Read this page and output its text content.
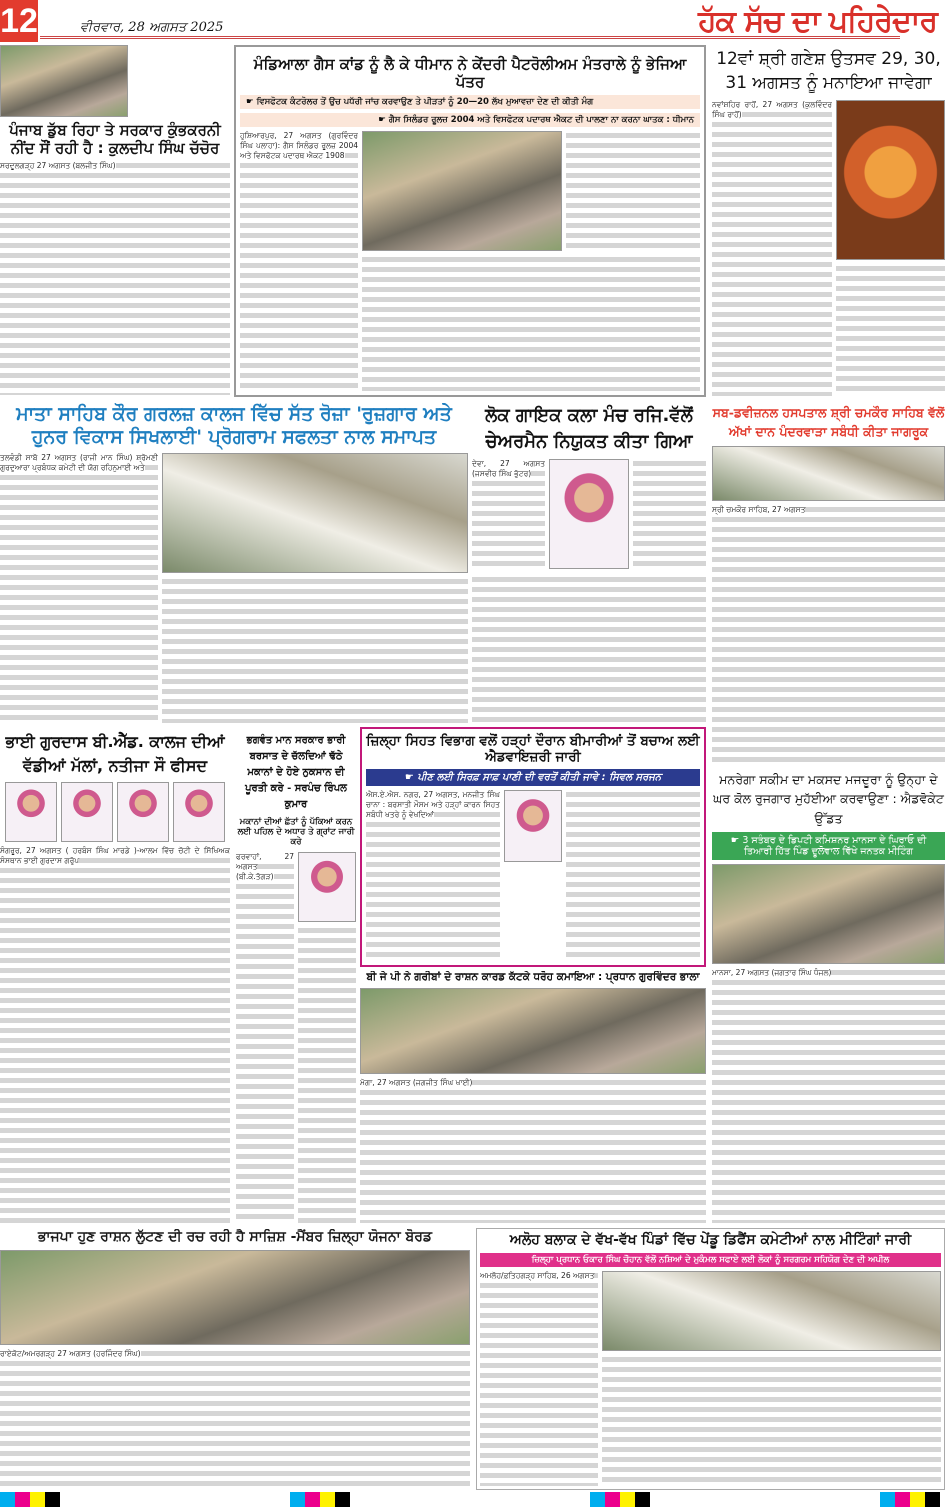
12	ਵੀਰਵਾਰ, 28 ਅਗਸਤ 2025	ਹੱਕ ਸੱਚ ਦਾ ਪਹਿਰੇਦਾਰ
ਪੰਜਾਬ ਡੁੱਬ ਰਿਹਾ ਤੇ ਸਰਕਾਰ ਕੁੰਭਕਰਨੀ ਨੀਂਦ ਸੌਂ ਰਹੀ ਹੈ : ਕੁਲਦੀਪ ਸਿੰਘ ਚੱਚੋਰ
ਸਰਦੂਲਗੜ੍ਹ 27 ਅਗਸਤ (ਬਲਜੀਤ ਸਿੰਘ)
ਮੰਡਿਆਲਾ ਗੈਸ ਕਾਂਡ ਨੂੰ ਲੈ ਕੇ ਧੀਮਾਨ ਨੇ ਕੇਂਦਰੀ ਪੈਟਰੋਲੀਅਮ ਮੰਤਰਾਲੇ ਨੂੰ ਭੇਜਿਆ ਪੱਤਰ
☛ ਵਿਸਫੋਟਕ ਕੰਟਰੋਲਰ ਤੋਂ ਉਚ ਪਧੱਰੀ ਜਾਂਚ ਕਰਵਾਉਣ ਤੇ ਪੀੜਤਾਂ ਨੂੰ 20—20 ਲੱਖ ਮੁਆਵਜ਼ਾ ਦੇਣ ਦੀ ਕੀਤੀ ਮੰਗ
☛ ਗੈਸ ਸਿਲੰਡਰ ਰੂਲਜ਼ 2004 ਅਤੇ ਵਿਸਫੋਟਕ ਪਦਾਰਥ ਐਕਟ ਦੀ ਪਾਲਣਾ ਨਾ ਕਰਨਾ ਘਾਤਕ : ਧੀਮਾਨ
ਹੁਸ਼ਿਆਰਪੁਰ, 27 ਅਗਸਤ (ਗੁਰਵਿੰਦਰ ਸਿੰਘ ਪਲਾਹਾ): ਗੈਸ ਸਿਲੰਡਰ ਰੂਲਜ਼ 2004 ਅਤੇ ਵਿਸਫੋਟਕ ਪਦਾਰਥ ਐਕਟ 1908
12ਵਾਂ ਸ਼੍ਰੀ ਗਣੇਸ਼ ਉਤਸਵ 29, 30, 31 ਅਗਸਤ ਨੂੰ ਮਨਾਇਆ ਜਾਵੇਗਾ
ਨਵਾਂਸ਼ਹਿਰ ਰਾਹੋਂ, 27 ਅਗਸਤ (ਕੁਲਵਿੰਦਰ ਸਿੰਘ ਰਾਹੋਂ)
ਮਾਤਾ ਸਾਹਿਬ ਕੌਰ ਗਰਲਜ਼ ਕਾਲਜ ਵਿੱਚ ਸੱਤ ਰੋਜ਼ਾ 'ਰੁਜ਼ਗਾਰ ਅਤੇ ਹੁਨਰ ਵਿਕਾਸ ਸਿਖਲਾਈ' ਪ੍ਰੋਗਰਾਮ ਸਫਲਤਾ ਨਾਲ ਸਮਾਪਤ
ਤਲਵੰਡੀ ਸਾਬੋ 27 ਅਗਸਤ (ਰਾਜੀ ਮਾਨ ਸਿੰਘ) ਸ਼੍ਰੋਮਣੀ ਗੁਰਦੁਆਰਾ ਪ੍ਰਬੰਧਕ ਕਮੇਟੀ ਦੀ ਯੋਗ ਰਹਿਨੁਮਾਈ ਅਤੇ
ਲੋਕ ਗਾਇਕ ਕਲਾ ਮੰਚ ਰਜਿ.ਵੱਲੋਂ ਚੇਅਰਮੈਨ ਨਿਯੁਕਤ ਕੀਤਾ ਗਿਆ
ਦੇਵਾ, 27 ਅਗਸਤ (ਜਸਵੀਰ ਸਿੰਘ ਭੁੱਟਰ)
ਸਬ-ਡਵੀਜ਼ਨਲ ਹਸਪਤਾਲ ਸ਼੍ਰੀ ਚਮਕੌਰ ਸਾਹਿਬ ਵੱਲੋਂ ਅੱਖਾਂ ਦਾਨ ਪੰਦਰਵਾੜਾ ਸਬੰਧੀ ਕੀਤਾ ਜਾਗਰੂਕ
ਸ੍ਰੀ ਚਮਕੌਰ ਸਾਹਿਬ, 27 ਅਗਸਤ
ਭਾਈ ਗੁਰਦਾਸ ਬੀ.ਐੱਡ. ਕਾਲਜ ਦੀਆਂ ਵੱਡੀਆਂ ਮੱਲਾਂ, ਨਤੀਜਾ ਸੌ ਫੀਸਦ
ਸੰਗਰੂਰ, 27 ਅਗਸਤ ( ਹਰਬੰਸ ਸਿੰਘ ਮਾਰਡੇ )-ਆਲਮ ਵਿੱਚ ਚੋਟੀ ਦੇ ਸਿੱਖਿਅਕ ਸੰਸਥਾਨ ਭਾਈ ਗੁਰਦਾਸ ਗਰੁੱਪ
ਭਗਵੰਤ ਮਾਨ ਸਰਕਾਰ ਭਾਰੀ ਬਰਸਾਤ ਦੇ ਚੱਲਦਿਆਂ ਢੱਠੇ ਮਕਾਨਾਂ ਦੇ ਹੋਏ ਨੁਕਸਾਨ ਦੀ ਪੂਰਤੀ ਕਰੇ - ਸਰਪੰਚ ਰਿੰਪਲ ਕੁਮਾਰ
ਮਕਾਨਾਂ ਦੀਆਂ ਛੱਤਾਂ ਨੂੰ ਪੱਕਿਆਂ ਕਰਨ ਲਈ ਪਹਿਲ ਦੇ ਅਧਾਰ ਤੇ ਗ੍ਰਾਂਟ ਜਾਰੀ ਕਰੇ
ਫਰਵਾਹਾਂ, 27 ਅਗਸਤ (ਬੀ.ਕੇ.ਤੱਗੜ)
ਜ਼ਿਲ੍ਹਾ ਸਿਹਤ ਵਿਭਾਗ ਵਲੋਂ ਹੜ੍ਹਾਂ ਦੌਰਾਨ ਬੀਮਾਰੀਆਂ ਤੋਂ ਬਚਾਅ ਲਈ ਐਡਵਾਇਜ਼ਰੀ ਜਾਰੀ
☛ ਪੀਣ ਲਈ ਸਿਰਫ਼ ਸਾਫ਼ ਪਾਣੀ ਦੀ ਵਰਤੋਂ ਕੀਤੀ ਜਾਵੇ : ਸਿਵਲ ਸਰਜਨ
ਐਸ.ਏ.ਐਸ. ਨਗਰ, 27 ਅਗਸਤ, ਮਨਜੀਤ ਸਿੰਘ ਚਾਨਾ : ਬਰਸਾਤੀ ਮੌਸਮ ਅਤੇ ਹੜ੍ਹਾਂ ਕਾਰਨ ਸਿਹਤ ਸਬੰਧੀ ਖਤਰੇ ਨੂੰ ਵੇਖਦਿਆਂ
ਮਨਰੇਗਾ ਸਕੀਮ ਦਾ ਮਕਸਦ ਮਜਦੂਰਾ ਨੂੰ ਉਨ੍ਹਾ ਦੇ ਘਰ ਕੋਲ ਰੁਜਗਾਰ ਮੁਹੱਈਆ ਕਰਵਾਉਣਾ : ਐਡਵੋਕੇਟ ਉੱਡਤ
☛ 3 ਸਤੰਬਰ ਦੇ ਡਿਪਟੀ ਕਮਿਸ਼ਨਰ ਮਾਨਸਾ ਦੇ ਘਿਰਾਓ ਦੀ ਤਿਆਰੀ ਹਿੱਤ ਪਿੰਡ ਦੂਲੋਵਾਲ ਵਿੱਖੇ ਜਨਤਕ ਮੀਟਿੰਗ
ਮਾਨਸਾ, 27 ਅਗਸਤ (ਜਗਤਾਰ ਸਿੰਘ ਧੰਜਲ)
ਬੀ ਜੇ ਪੀ ਨੇ ਗਰੀਬਾਂ ਦੇ ਰਾਸ਼ਨ ਕਾਰਡ ਕੱਟਕੇ ਧਰੋਹ ਕਮਾਇਆ : ਪ੍ਰਧਾਨ ਗੁਰਵਿੰਦਰ ਭਾਲਾ
ਮੋਗਾ, 27 ਅਗਸਤ (ਜਗਜੀਤ ਸਿੰਘ ਖਾਈ)
ਭਾਜਪਾ ਹੁਣ ਰਾਸ਼ਨ ਲੁੱਟਣ ਦੀ ਰਚ ਰਹੀ ਹੈ ਸਾਜ਼ਿਸ਼ -ਮੈਂਬਰ ਜ਼ਿਲ੍ਹਾ ਯੋਜਨਾ ਬੋਰਡ
ਰਾਏਕੋਟ/ਅਮਰਗੜ੍ਹ 27 ਅਗਸਤ (ਹਰਜਿੰਦਰ ਸਿੰਘ)
ਅਲੋਹ ਬਲਾਕ ਦੇ ਵੱਖ-ਵੱਖ ਪਿੰਡਾਂ ਵਿੱਚ ਪੇਂਡੂ ਡਿਫੈਂਸ ਕਮੇਟੀਆਂ ਨਾਲ ਮੀਟਿੰਗਾਂ ਜਾਰੀ
ਜ਼ਿਲ੍ਹਾ ਪ੍ਰਧਾਨ ਓਕਾਰ ਸਿੰਘ ਚੌਹਾਨ ਵੱਲੋਂ ਨਸ਼ਿਆਂ ਦੇ ਮੁਕੰਮਲ ਸਫਾਏ ਲਈ ਲੋਕਾਂ ਨੂੰ ਸਰਗਰਮ ਸਹਿਯੋਗ ਦੇਣ ਦੀ ਅਪੀਲ
ਅਮਲੋਹ/ਫ਼ਤਿਹਗੜ੍ਹ ਸਾਹਿਬ, 26 ਅਗਸਤ
